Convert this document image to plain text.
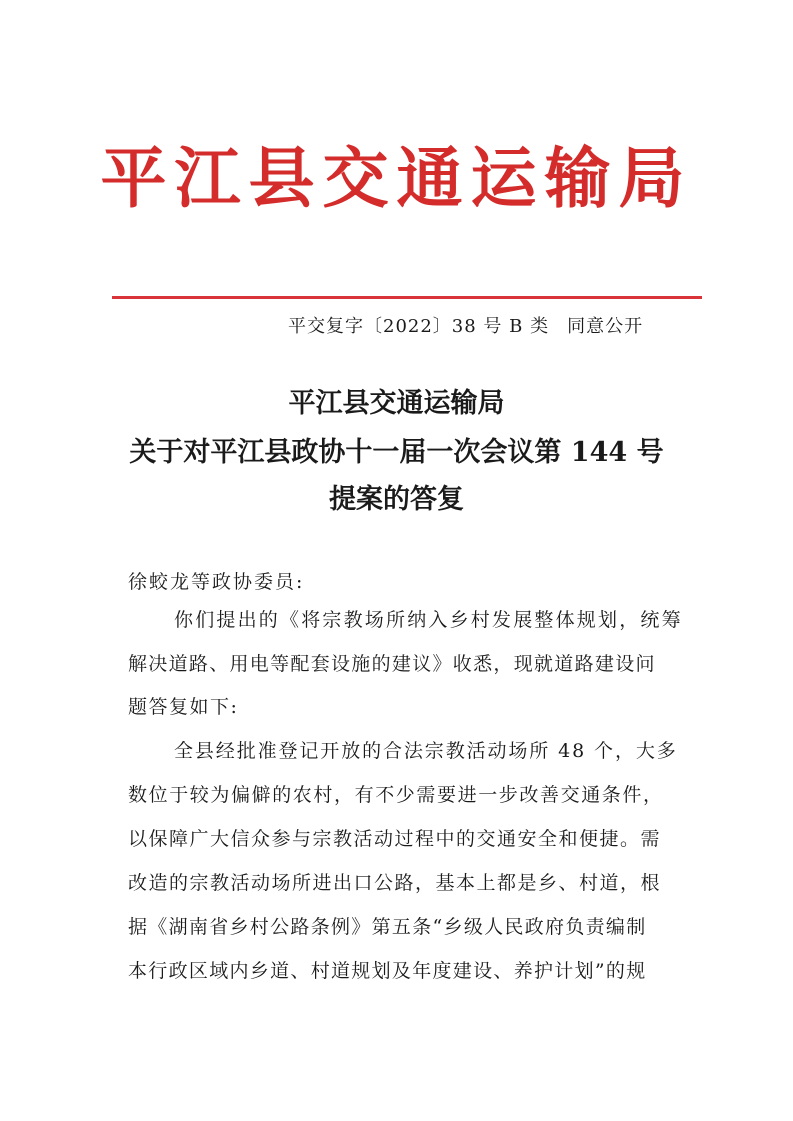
平江县交通运输局
平交复字〔2022〕38 号 B 类 同意公开
平江县交通运输局
关于对平江县政协十一届一次会议第 144 号
提案的答复
徐蛟龙等政协委员:
你们提出的《将宗教场所纳入乡村发展整体规划，统筹
解决道路、用电等配套设施的建议》收悉，现就道路建设问
题答复如下:
全县经批准登记开放的合法宗教活动场所 48 个，大多
数位于较为偏僻的农村，有不少需要进一步改善交通条件，
以保障广大信众参与宗教活动过程中的交通安全和便捷。需
改造的宗教活动场所进出口公路，基本上都是乡、村道，根
据《湖南省乡村公路条例》第五条“乡级人民政府负责编制
本行政区域内乡道、村道规划及年度建设、养护计划”的规
